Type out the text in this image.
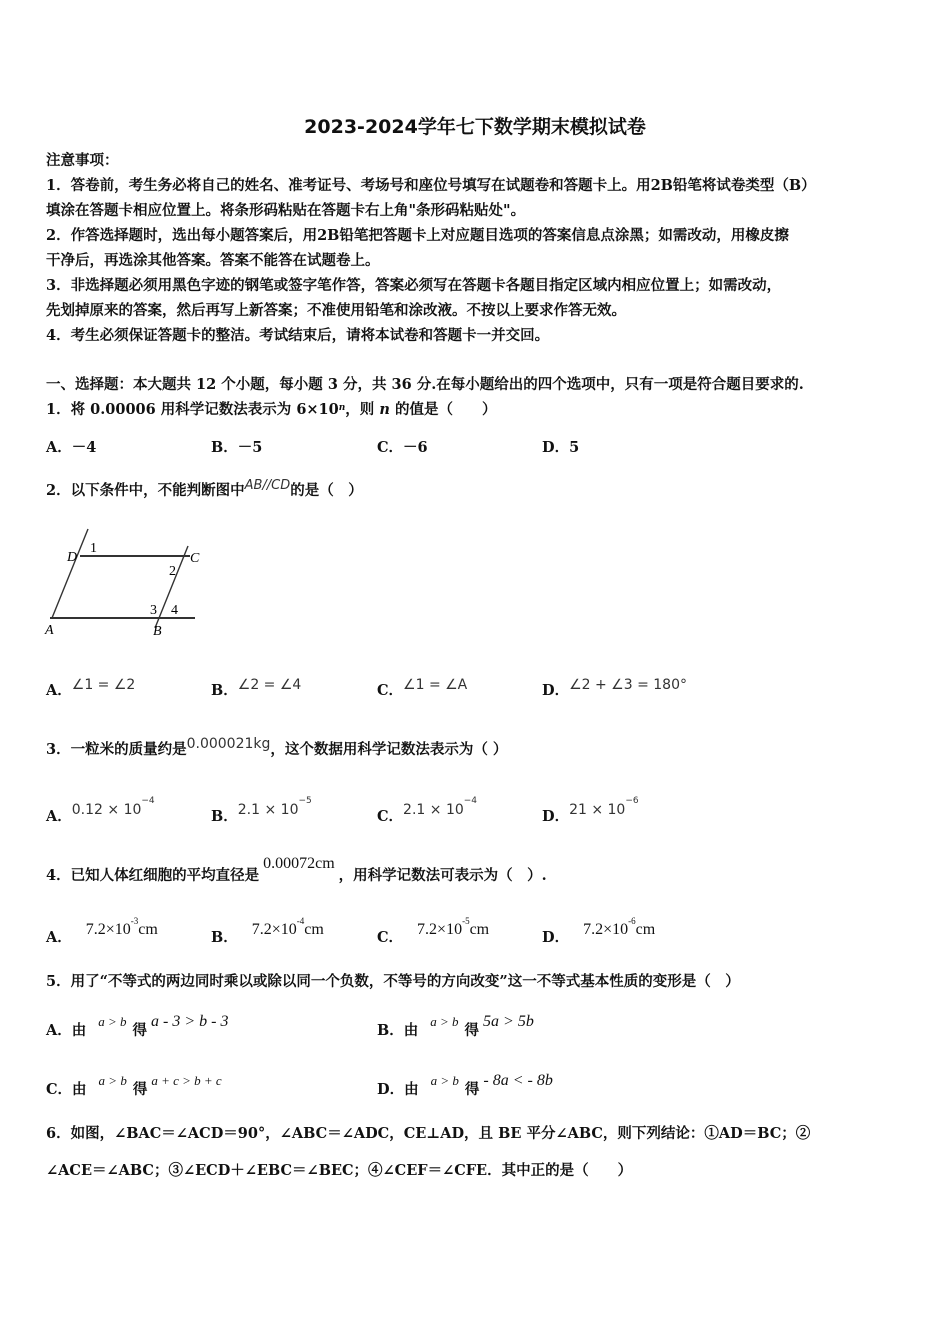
2023-2024学年七下数学期末模拟试卷
注意事项：
1．答卷前，考生务必将自己的姓名、准考证号、考场号和座位号填写在试题卷和答题卡上。用2B铅笔将试卷类型（B）
填涂在答题卡相应位置上。将条形码粘贴在答题卡右上角"条形码粘贴处"。
2．作答选择题时，选出每小题答案后，用2B铅笔把答题卡上对应题目选项的答案信息点涂黑；如需改动，用橡皮擦
干净后，再选涂其他答案。答案不能答在试题卷上。
3．非选择题必须用黑色字迹的钢笔或签字笔作答，答案必须写在答题卡各题目指定区域内相应位置上；如需改动，
先划掉原来的答案，然后再写上新答案；不准使用铅笔和涂改液。不按以上要求作答无效。
4．考生必须保证答题卡的整洁。考试结束后，请将本试卷和答题卡一并交回。
一、选择题：本大题共 12 个小题，每小题 3 分，共 36 分.在每小题给出的四个选项中，只有一项是符合题目要求的.
1．将 0.00006 用科学记数法表示为 $6\times 10^n$，则 n 的值是（　　）
A．－4	B．－5	C．－6	D．5
2．以下条件中，不能判断图中AB//CD的是（　）
D
1
C
2
3 4
A	B
A．∠1 = ∠2	B．∠2 = ∠4	C．∠1 = ∠A	D．∠2 + ∠3 = 180°
3．一粒米的质量约是0.000021kg，这个数据用科学记数法表示为（ ）
A．$0.12 \times 10^{-4}$
B．$2.1 \times 10^{-5}$
C．$2.1 \times 10^{-4}$
D．$21 \times 10^{-6}$
4．已知人体红细胞的平均直径是0.00072cm，用科学记数法可表示为（　）.
A． $7.2\times 10^{-3}cm$	B． $7.2\times 10^{-4}cm$	C． $7.2\times 10^{-5}cm$	D． $7.2\times 10^{-6}cm$
5．用了“不等式的两边同时乘以或除以同一个负数，不等号的方向改变”这一不等式基本性质的变形是（　）
A．由a > b得a - 3 > b - 3
B．由a > b得5a > 5b
C．由a > b得a + c > b + c
D．由a > b得- 8a < - 8b
6．如图，∠BAC＝∠ACD＝90°，∠ABC＝∠ADC，CE⊥AD，且 BE 平分∠ABC，则下列结论：①AD＝BC；②
∠ACE＝∠ABC；③∠ECD＋∠EBC＝∠BEC；④∠CEF＝∠CFE．其中正的是（　　）
